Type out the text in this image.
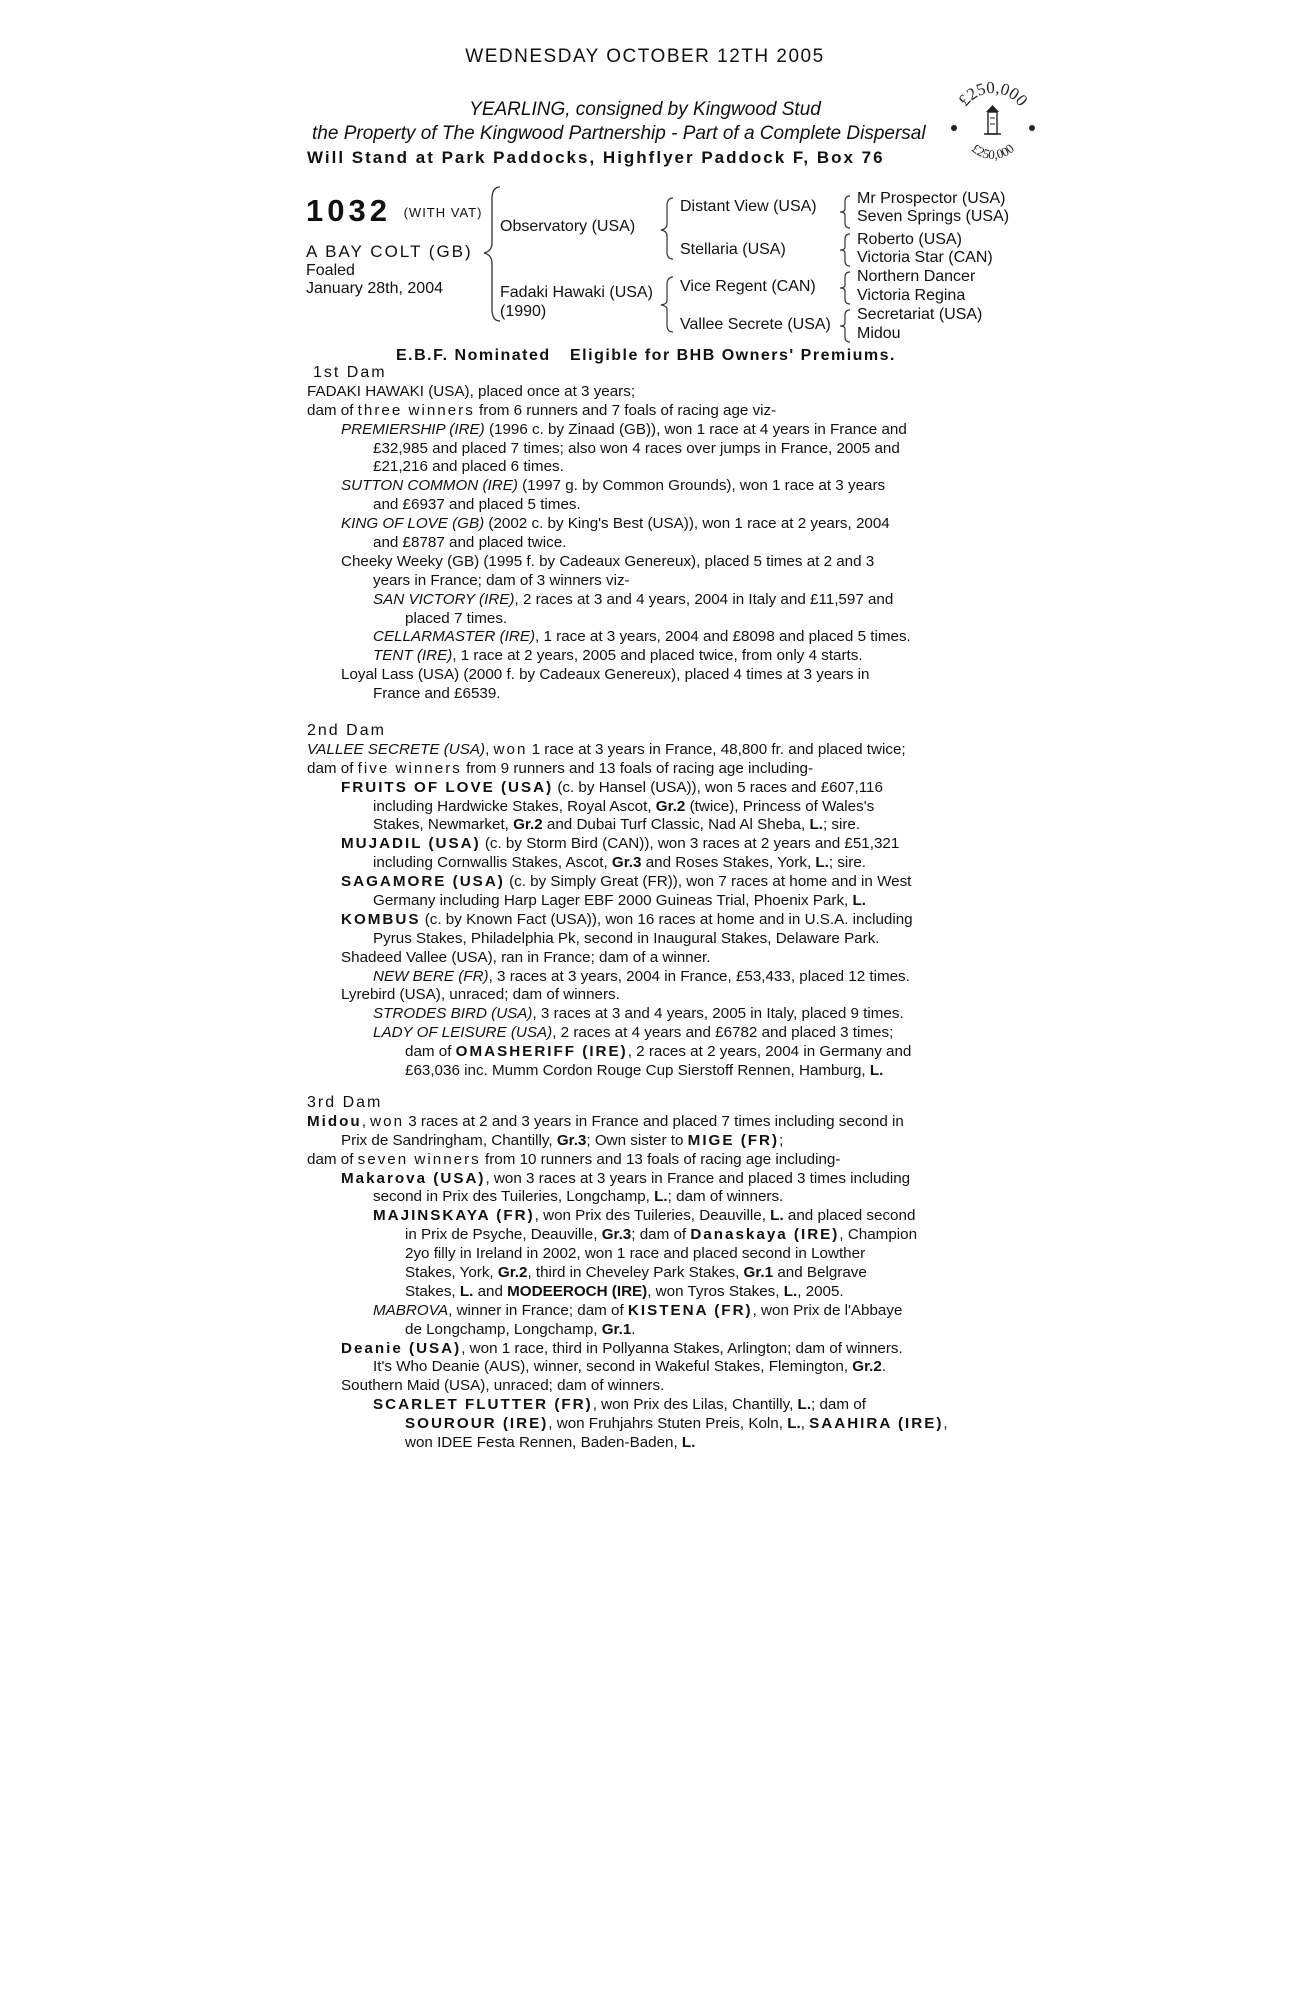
WEDNESDAY OCTOBER 12TH 2005
YEARLING, consigned by Kingwood Stud
the Property of The Kingwood Partnership - Part of a Complete Dispersal
Will Stand at Park Paddocks, Highflyer Paddock F, Box 76
£250,000
£250,000
1032 (WITH VAT)
A BAY COLT (GB)
Foaled
January 28th, 2004
Observatory (USA)
Fadaki Hawaki (USA)
(1990)
Distant View (USA)
Stellaria (USA)
Vice Regent (CAN)
Vallee Secrete (USA)
Mr Prospector (USA)
Seven Springs (USA)
Roberto (USA)
Victoria Star (CAN)
Northern Dancer
Victoria Regina
Secretariat (USA)
Midou
E.B.F. Nominated Eligible for BHB Owners' Premiums.
1st Dam
FADAKI HAWAKI (USA), placed once at 3 years;
dam of three winners from 6 runners and 7 foals of racing age viz-
PREMIERSHIP (IRE) (1996 c. by Zinaad (GB)), won 1 race at 4 years in France and
£32,985 and placed 7 times; also won 4 races over jumps in France, 2005 and
£21,216 and placed 6 times.
SUTTON COMMON (IRE) (1997 g. by Common Grounds), won 1 race at 3 years
and £6937 and placed 5 times.
KING OF LOVE (GB) (2002 c. by King's Best (USA)), won 1 race at 2 years, 2004
and £8787 and placed twice.
Cheeky Weeky (GB) (1995 f. by Cadeaux Genereux), placed 5 times at 2 and 3
years in France; dam of 3 winners viz-
SAN VICTORY (IRE), 2 races at 3 and 4 years, 2004 in Italy and £11,597 and
placed 7 times.
CELLARMASTER (IRE), 1 race at 3 years, 2004 and £8098 and placed 5 times.
TENT (IRE), 1 race at 2 years, 2005 and placed twice, from only 4 starts.
Loyal Lass (USA) (2000 f. by Cadeaux Genereux), placed 4 times at 3 years in
France and £6539.
2nd Dam
VALLEE SECRETE (USA), won 1 race at 3 years in France, 48,800 fr. and placed twice;
dam of five winners from 9 runners and 13 foals of racing age including-
FRUITS OF LOVE (USA) (c. by Hansel (USA)), won 5 races and £607,116
including Hardwicke Stakes, Royal Ascot, Gr.2 (twice), Princess of Wales's
Stakes, Newmarket, Gr.2 and Dubai Turf Classic, Nad Al Sheba, L.; sire.
MUJADIL (USA) (c. by Storm Bird (CAN)), won 3 races at 2 years and £51,321
including Cornwallis Stakes, Ascot, Gr.3 and Roses Stakes, York, L.; sire.
SAGAMORE (USA) (c. by Simply Great (FR)), won 7 races at home and in West
Germany including Harp Lager EBF 2000 Guineas Trial, Phoenix Park, L.
KOMBUS (c. by Known Fact (USA)), won 16 races at home and in U.S.A. including
Pyrus Stakes, Philadelphia Pk, second in Inaugural Stakes, Delaware Park.
Shadeed Vallee (USA), ran in France; dam of a winner.
NEW BERE (FR), 3 races at 3 years, 2004 in France, £53,433, placed 12 times.
Lyrebird (USA), unraced; dam of winners.
STRODES BIRD (USA), 3 races at 3 and 4 years, 2005 in Italy, placed 9 times.
LADY OF LEISURE (USA), 2 races at 4 years and £6782 and placed 3 times;
dam of OMASHERIFF (IRE), 2 races at 2 years, 2004 in Germany and
£63,036 inc. Mumm Cordon Rouge Cup Sierstoff Rennen, Hamburg, L.
3rd Dam
Midou, won 3 races at 2 and 3 years in France and placed 7 times including second in
Prix de Sandringham, Chantilly, Gr.3; Own sister to MIGE (FR);
dam of seven winners from 10 runners and 13 foals of racing age including-
Makarova (USA), won 3 races at 3 years in France and placed 3 times including
second in Prix des Tuileries, Longchamp, L.; dam of winners.
MAJINSKAYA (FR), won Prix des Tuileries, Deauville, L. and placed second
in Prix de Psyche, Deauville, Gr.3; dam of Danaskaya (IRE), Champion
2yo filly in Ireland in 2002, won 1 race and placed second in Lowther
Stakes, York, Gr.2, third in Cheveley Park Stakes, Gr.1 and Belgrave
Stakes, L. and MODEEROCH (IRE), won Tyros Stakes, L., 2005.
MABROVA, winner in France; dam of KISTENA (FR), won Prix de l'Abbaye
de Longchamp, Longchamp, Gr.1.
Deanie (USA), won 1 race, third in Pollyanna Stakes, Arlington; dam of winners.
It's Who Deanie (AUS), winner, second in Wakeful Stakes, Flemington, Gr.2.
Southern Maid (USA), unraced; dam of winners.
SCARLET FLUTTER (FR), won Prix des Lilas, Chantilly, L.; dam of
SOUROUR (IRE), won Fruhjahrs Stuten Preis, Koln, L., SAAHIRA (IRE),
won IDEE Festa Rennen, Baden-Baden, L.
